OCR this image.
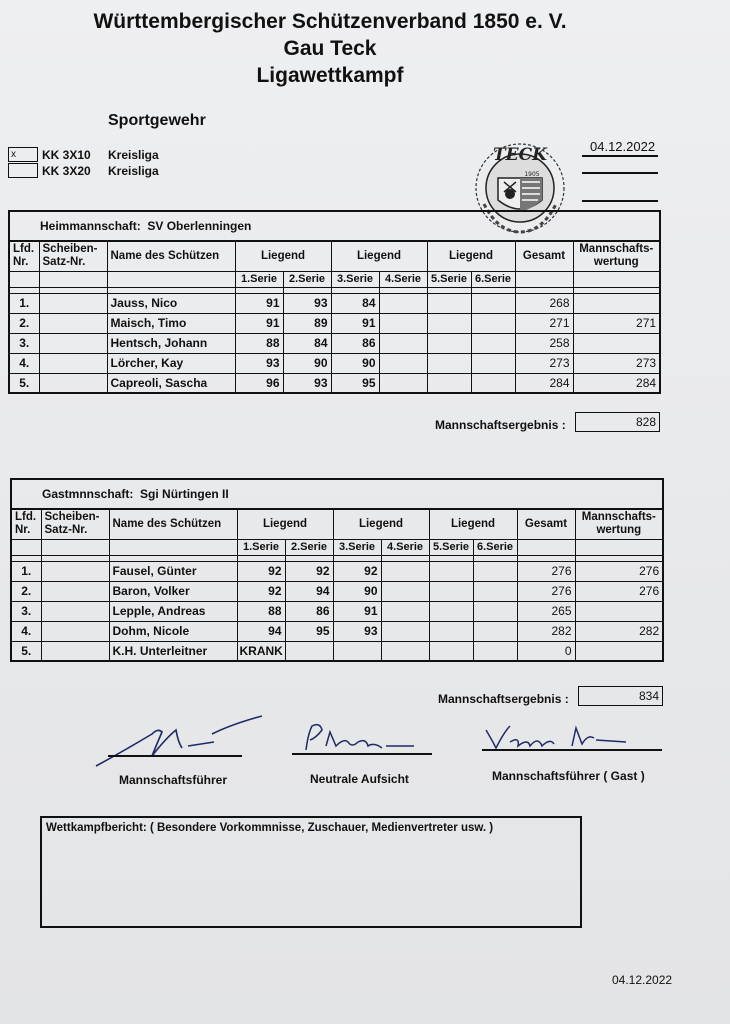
Württembergischer Schützenverband 1850 e. V.
Gau Teck
Ligawettkampf
Sportgewehr
04.12.2022
x	KK 3X10 Kreisliga
KK 3X20 Kreisliga
TECK
1905
Heimmannschaft: SV Oberlenningen										
Lfd. Nr.	Scheiben- Satz-Nr.	Name des Schützen	Liegend		Liegend		Liegend		Gesamt	Mannschafts- wertung
			1.Serie	2.Serie	3.Serie	4.Serie	5.Serie	6.Serie		

1.		Jauss, Nico	91	93	84				268	
2.		Maisch, Timo	91	89	91				271	271
3.		Hentsch, Johann	88	84	86				258	
4.		Lörcher, Kay	93	90	90				273	273
5.		Capreoli, Sascha	96	93	95				284	284
Mannschaftsergebnis :	828
Gastmnnschaft: Sgi Nürtingen II										
Lfd. Nr.	Scheiben- Satz-Nr.	Name des Schützen	Liegend		Liegend		Liegend		Gesamt	Mannschafts- wertung
			1.Serie	2.Serie	3.Serie	4.Serie	5.Serie	6.Serie		

1.		Fausel, Günter	92	92	92				276	276
2.		Baron, Volker	92	94	90				276	276
3.		Lepple, Andreas	88	86	91				265	
4.		Dohm, Nicole	94	95	93				282	282
5.		K.H. Unterleitner	KRANK						0	
Mannschaftsergebnis :	834
Mannschaftsführer	Neutrale Aufsicht	Mannschaftsführer ( Gast )
Wettkampfbericht: ( Besondere Vorkommnisse, Zuschauer, Medienvertreter usw. )
04.12.2022
